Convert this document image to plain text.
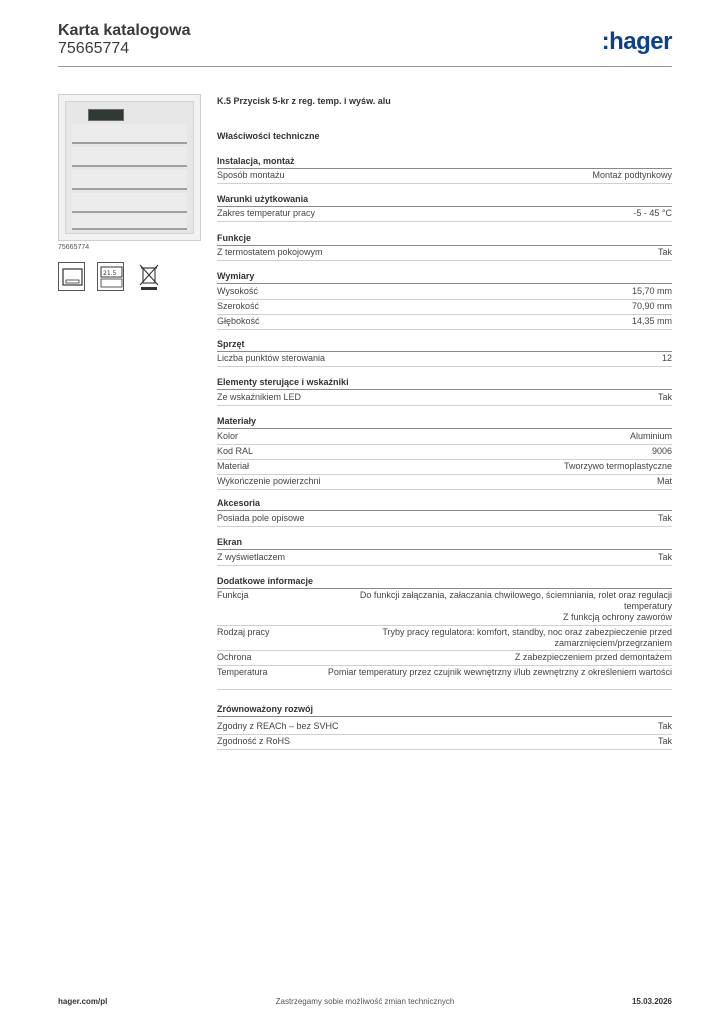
Karta katalogowa
75665774	:hager
75665774
21.5
K.5 Przycisk 5-kr z reg. temp. i wyśw. alu
Właściwości techniczne
Instalacja, montaż
Sposób montażu	Montaż podtynkowy
Warunki użytkowania
Zakres temperatur pracy	-5 - 45 °C
Funkcje
Z termostatem pokojowym	Tak
Wymiary
Wysokość	15,70 mm
Szerokość	70,90 mm
Głębokość	14,35 mm
Sprzęt
Liczba punktów sterowania	12
Elementy sterujące i wskaźniki
Ze wskaźnikiem LED	Tak
Materiały
Kolor	Aluminium
Kod RAL	9006
Materiał	Tworzywo termoplastyczne
Wykończenie powierzchni	Mat
Akcesoria
Posiada pole opisowe	Tak
Ekran
Z wyświetlaczem	Tak
Dodatkowe informacje
Funkcja	Do funkcji załączania, załaczania chwilowego, ściemniania, rolet oraz regulacji temperatury
Z funkcją ochrony zaworów
Rodzaj pracy	Tryby pracy regulatora: komfort, standby, noc oraz zabezpieczenie przed zamarznięciem/przegrzaniem
Ochrona	Z zabezpieczeniem przed demontażem
Temperatura	Pomiar temperatury przez czujnik wewnętrzny i/lub zewnętrzny z określeniem wartości
Zrównoważony rozwój
Zgodny z REACh – bez SVHC	Tak
Zgodność z RoHS	Tak
hager.com/pl	Zastrzegamy sobie możliwość zmian technicznych	15.03.2026
